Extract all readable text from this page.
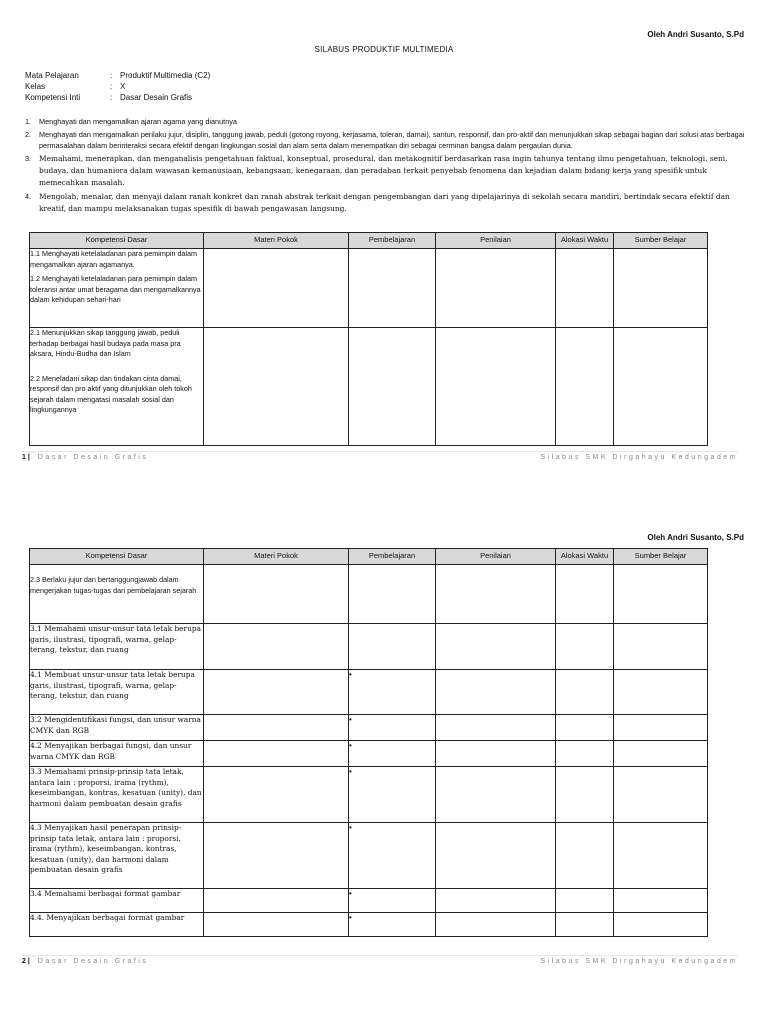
Oleh Andri Susanto, S.Pd
SILABUS PRODUKTIF MULTIMEDIA
Mata Pelajaran	: Produktif Multimedia (C2)
Kelas	: X
Kompetensi Inti	: Dasar Desain Grafis
1.	Menghayati dan mengamalkan ajaran agama yang dianutnya
2.	Menghayati dan mengamalkan perilaku jujur, disiplin, tanggung jawab, peduli (gotong royong, kerjasama, toleran, damai), santun, responsif, dan pro-aktif dan menunjukkan sikap sebagai bagian dari solusi atas berbagai permasalahan dalam berinteraksi secara efektif dengan lingkungan sosial dan alam serta dalam menempatkan diri sebagai cerminan bangsa dalam pergaulan dunia.
3.	Memahami, menerapkan, dan menganalisis pengetahuan faktual, konseptual, prosedural, dan metakognitif berdasarkan rasa ingin tahunya tentang ilmu pengetahuan, teknologi, seni, budaya, dan humaniora dalam wawasan kemanusiaan, kebangsaan, kenegaraan, dan peradaban terkait penyebab fenomena dan kejadian dalam bidang kerja yang spesifik untuk memecahkan masalah.
4.	Mengolah, menalar, dan menyaji dalam ranah konkret dan ranah abstrak terkait dengan pengembangan dari yang dipelajarinya di sekolah secara mandiri, bertindak secara efektif dan kreatif, dan mampu melaksanakan tugas spesifik di bawah pengawasan langsung.
Kompetensi Dasar	Materi Pokok	Pembelajaran	Penilaian	Alokasi Waktu	Sumber Belajar

1.1 Menghayati ketelaladanan para pemimpin dalam mengamalkan ajaran agamanya.

1.2 Menghayati ketelaladanan para pemimpin dalam toleransi antar umat beragama dan mengamalkannya dalam kehidupan sehari-hari					

2.1 Menunjukkan sikap tanggung jawab, peduli terhadap berbagai hasil budaya pada masa pra aksara, Hindu-Budha dan Islam

2.2 Meneladani sikap dan tindakan cinta damai, responsif dan pro aktif yang ditunjukkan oleh tokoh sejarah dalam mengatasi masalah sosial dan lingkungannya					

1 | Dasar Desain Grafis	Silabus SMK Dirgahayu Kedungadem
Oleh Andri Susanto, S.Pd
Kompetensi Dasar	Materi Pokok	Pembelajaran	Penilaian	Alokasi Waktu	Sumber Belajar

2.3 Berlaku jujur dan bertanggungjawab dalam mengerjakan tugas-tugas dari pembelajaran sejarah					

3.1 Memahami unsur-unsur tata letak berupa garis, ilustrasi, tipografi, warna, gelap-terang, tekstur, dan ruang					

4.1 Membuat unsur-unsur tata letak berupa garis, ilustrasi, tipografi, warna, gelap-terang, tekstur, dan ruang		•			

3.2 Mengidentifikasi fungsi, dan unsur warna CMYK dan RGB		•			

4.2 Menyajikan berbagai fungsi, dan unsur warna CMYK dan RGB		•			

3.3 Memahami prinsip-prinsip tata letak, antara lain : proporsi, irama (rythm), keseimbangan, kontras, kesatuan (unity), dan harmoni dalam pembuatan desain grafis		•			

4.3 Menyajikan hasil penerapan prinsip-prinsip tata letak, antara lain : proporsi, irama (rythm), keseimbangan, kontras, kesatuan (unity), dan harmoni dalam pembuatan desain grafis		•			

3.4 Memahami berbagai format gambar		•			

4.4. Menyajikan berbagai format gambar		•			
2 | Dasar Desain Grafis	Silabus SMK Dirgahayu Kedungadem
